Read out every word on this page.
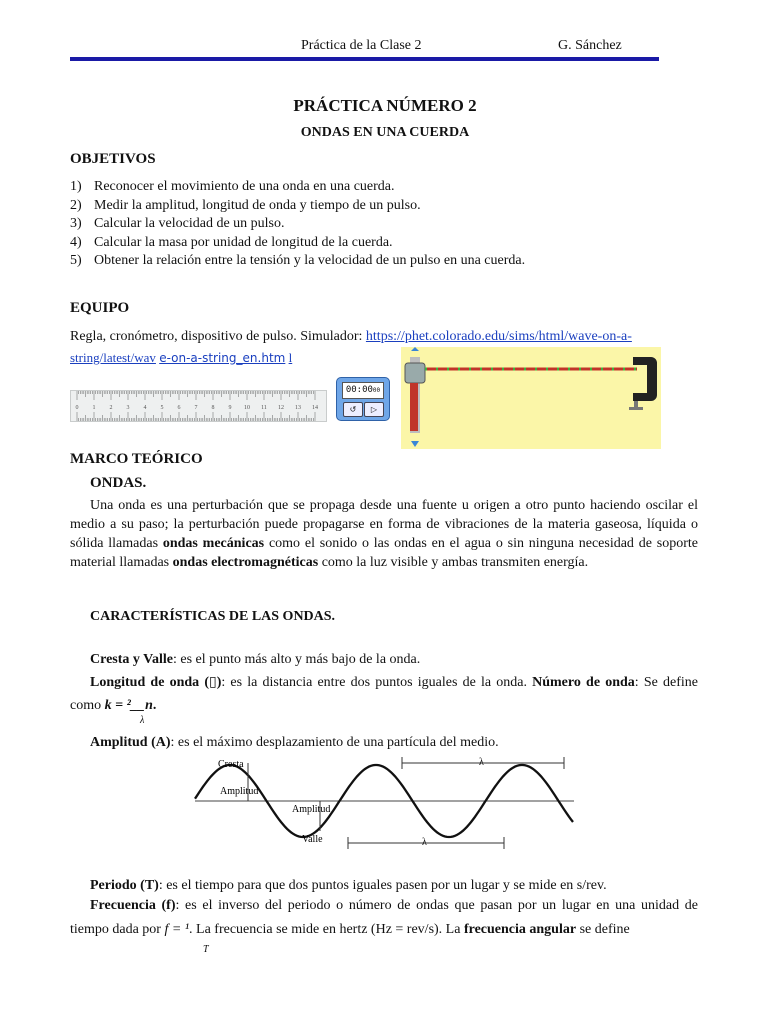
Práctica de la Clase 2	G. Sánchez
PRÁCTICA NÚMERO 2
ONDAS EN UNA CUERDA
OBJETIVOS
1) Reconocer el movimiento de una onda en una cuerda.
2) Medir la amplitud, longitud de onda y tiempo de un pulso.
3) Calcular la velocidad de un pulso.
4) Calcular la masa por unidad de longitud de la cuerda.
5) Obtener la relación entre la tensión y la velocidad de un pulso en una cuerda.
EQUIPO
Regla, cronómetro, dispositivo de pulso. Simulador: https://phet.colorado.edu/sims/html/wave-on-a-
string/latest/wav e-on-a-string_en.htm l
0 1 2 3 4 5 6 7 8 9 10 11 12 13 14
00:0000
↺	▷
MARCO TEÓRICO
ONDAS.
Una onda es una perturbación que se propaga desde una fuente u origen a otro punto haciendo oscilar el medio a su paso; la perturbación puede propagarse en forma de vibraciones de la materia gaseosa, líquida o sólida llamadas ondas mecánicas como el sonido o las ondas en el agua o sin ninguna necesidad de soporte material llamadas ondas electromagnéticas como la luz visible y ambas transmiten energía.
CARACTERÍSTICAS DE LAS ONDAS.
Cresta y Valle: es el punto más alto y más bajo de la onda.
Longitud de onda (▯): es la distancia entre dos puntos iguales de la onda. Número de onda: Se define como k = ²__ᴨ.
λ
Amplitud (A): es el máximo desplazamiento de una partícula del medio.
Cresta
Amplitud
Amplitud
Valle
λ
λ
Periodo (T): es el tiempo para que dos puntos iguales pasen por un lugar y se mide en s/rev.
Frecuencia (f): es el inverso del periodo o número de ondas que pasan por un lugar en una unidad de tiempo dada por f = ¹. La frecuencia se mide en hertz (Hz = rev/s). La frecuencia angular se define
T
